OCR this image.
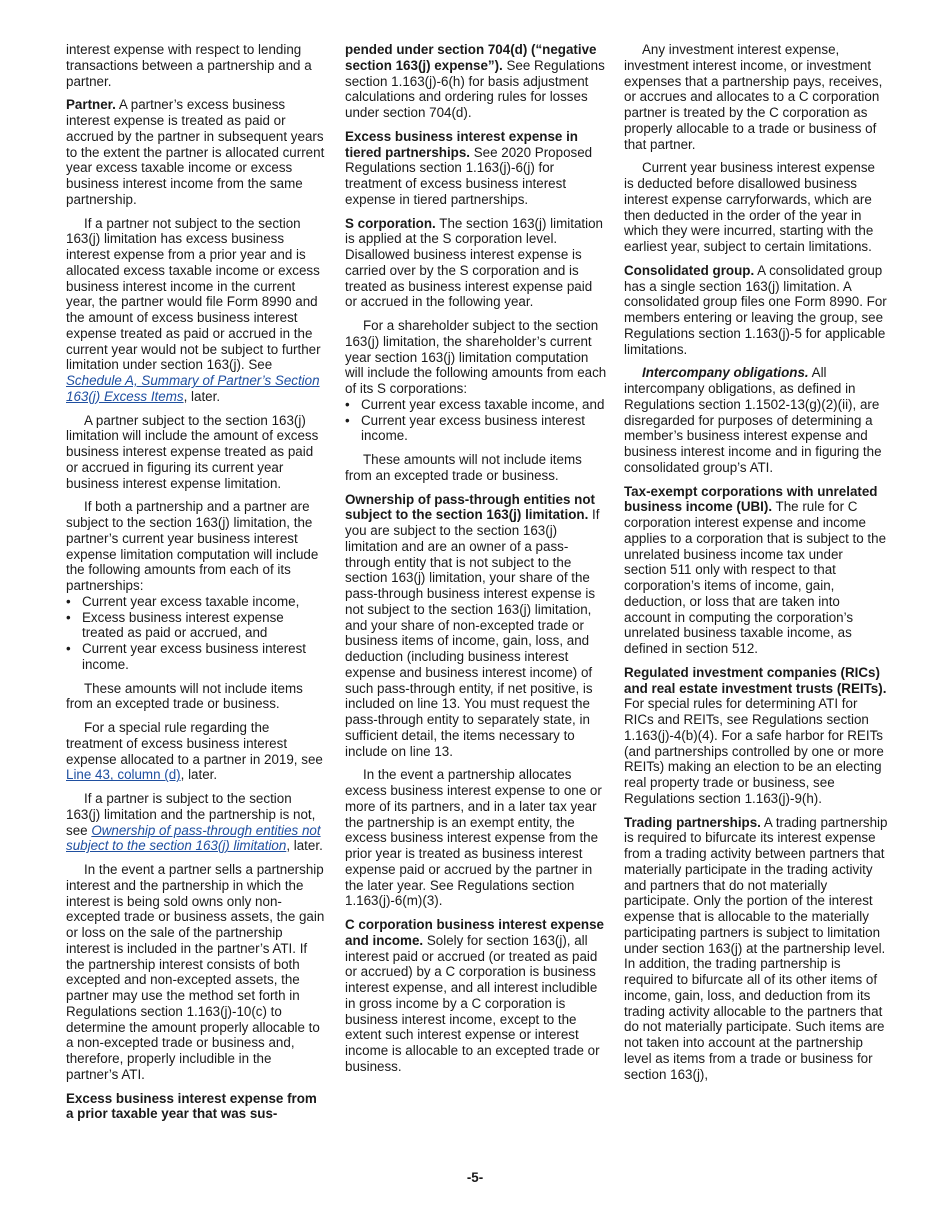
interest expense with respect to lending transactions between a partnership and a partner.

Partner. A partner’s excess business interest expense is treated as paid or accrued by the partner in subsequent years to the extent the partner is allocated current year excess taxable income or excess business interest income from the same partnership.

If a partner not subject to the section 163(j) limitation has excess business interest expense from a prior year and is allocated excess taxable income or excess business interest income in the current year, the partner would file Form 8990 and the amount of excess business interest expense treated as paid or accrued in the current year would not be subject to further limitation under section 163(j). See Schedule A, Summary of Partner’s Section 163(j) Excess Items, later.

A partner subject to the section 163(j) limitation will include the amount of excess business interest expense treated as paid or accrued in figuring its current year business interest expense limitation.

If both a partnership and a partner are subject to the section 163(j) limitation, the partner’s current year business interest expense limitation computation will include the following amounts from each of its partnerships:

• Current year excess taxable income,

• Excess business interest expense treated as paid or accrued, and

• Current year excess business interest income.

These amounts will not include items from an excepted trade or business.

For a special rule regarding the treatment of excess business interest expense allocated to a partner in 2019, see Line 43, column (d), later.

If a partner is subject to the section 163(j) limitation and the partnership is not, see Ownership of pass-through entities not subject to the section 163(j) limitation, later.

In the event a partner sells a partnership interest and the partnership in which the interest is being sold owns only non-excepted trade or business assets, the gain or loss on the sale of the partnership interest is included in the partner’s ATI. If the partnership interest consists of both excepted and non-excepted assets, the partner may use the method set forth in Regulations section 1.163(j)-10(c) to determine the amount properly allocable to a non-excepted trade or business and, therefore, properly includible in the partner’s ATI.

Excess business interest expense from a prior taxable year that was sus-

pended under section 704(d) (“negative section 163(j) expense”). See Regulations section 1.163(j)-6(h) for basis adjustment calculations and ordering rules for losses under section 704(d).

Excess business interest expense in tiered partnerships. See 2020 Proposed Regulations section 1.163(j)-6(j) for treatment of excess business interest expense in tiered partnerships.

S corporation. The section 163(j) limitation is applied at the S corporation level. Disallowed business interest expense is carried over by the S corporation and is treated as business interest expense paid or accrued in the following year.

For a shareholder subject to the section 163(j) limitation, the shareholder’s current year section 163(j) limitation computation will include the following amounts from each of its S corporations:

• Current year excess taxable income, and

• Current year excess business interest income.

These amounts will not include items from an excepted trade or business.

Ownership of pass-through entities not subject to the section 163(j) limitation. If you are subject to the section 163(j) limitation and are an owner of a pass-through entity that is not subject to the section 163(j) limitation, your share of the pass-through business interest expense is not subject to the section 163(j) limitation, and your share of non-excepted trade or business items of income, gain, loss, and deduction (including business interest expense and business interest income) of such pass-through entity, if net positive, is included on line 13. You must request the pass-through entity to separately state, in sufficient detail, the items necessary to include on line 13.

In the event a partnership allocates excess business interest expense to one or more of its partners, and in a later tax year the partnership is an exempt entity, the excess business interest expense from the prior year is treated as business interest expense paid or accrued by the partner in the later year. See Regulations section 1.163(j)-6(m)(3).

C corporation business interest expense and income. Solely for section 163(j), all interest paid or accrued (or treated as paid or accrued) by a C corporation is business interest expense, and all interest includible in gross income by a C corporation is business interest income, except to the extent such interest expense or interest income is allocable to an excepted trade or business.

Any investment interest expense, investment interest income, or investment expenses that a partnership pays, receives, or accrues and allocates to a C corporation partner is treated by the C corporation as properly allocable to a trade or business of that partner.

Current year business interest expense is deducted before disallowed business interest expense carryforwards, which are then deducted in the order of the year in which they were incurred, starting with the earliest year, subject to certain limitations.

Consolidated group. A consolidated group has a single section 163(j) limitation. A consolidated group files one Form 8990. For members entering or leaving the group, see Regulations section 1.163(j)-5 for applicable limitations.

Intercompany obligations. All intercompany obligations, as defined in Regulations section 1.1502-13(g)(2)(ii), are disregarded for purposes of determining a member’s business interest expense and business interest income and in figuring the consolidated group’s ATI.

Tax-exempt corporations with unrelated business income (UBI). The rule for C corporation interest expense and income applies to a corporation that is subject to the unrelated business income tax under section 511 only with respect to that corporation’s items of income, gain, deduction, or loss that are taken into account in computing the corporation’s unrelated business taxable income, as defined in section 512.

Regulated investment companies (RICs) and real estate investment trusts (REITs). For special rules for determining ATI for RICs and REITs, see Regulations section 1.163(j)-4(b)(4). For a safe harbor for REITs (and partnerships controlled by one or more REITs) making an election to be an electing real property trade or business, see Regulations section 1.163(j)-9(h).

Trading partnerships. A trading partnership is required to bifurcate its interest expense from a trading activity between partners that materially participate in the trading activity and partners that do not materially participate. Only the portion of the interest expense that is allocable to the materially participating partners is subject to limitation under section 163(j) at the partnership level. In addition, the trading partnership is required to bifurcate all of its other items of income, gain, loss, and deduction from its trading activity allocable to the partners that do not materially participate. Such items are not taken into account at the partnership level as items from a trade or business for section 163(j),

-5-
